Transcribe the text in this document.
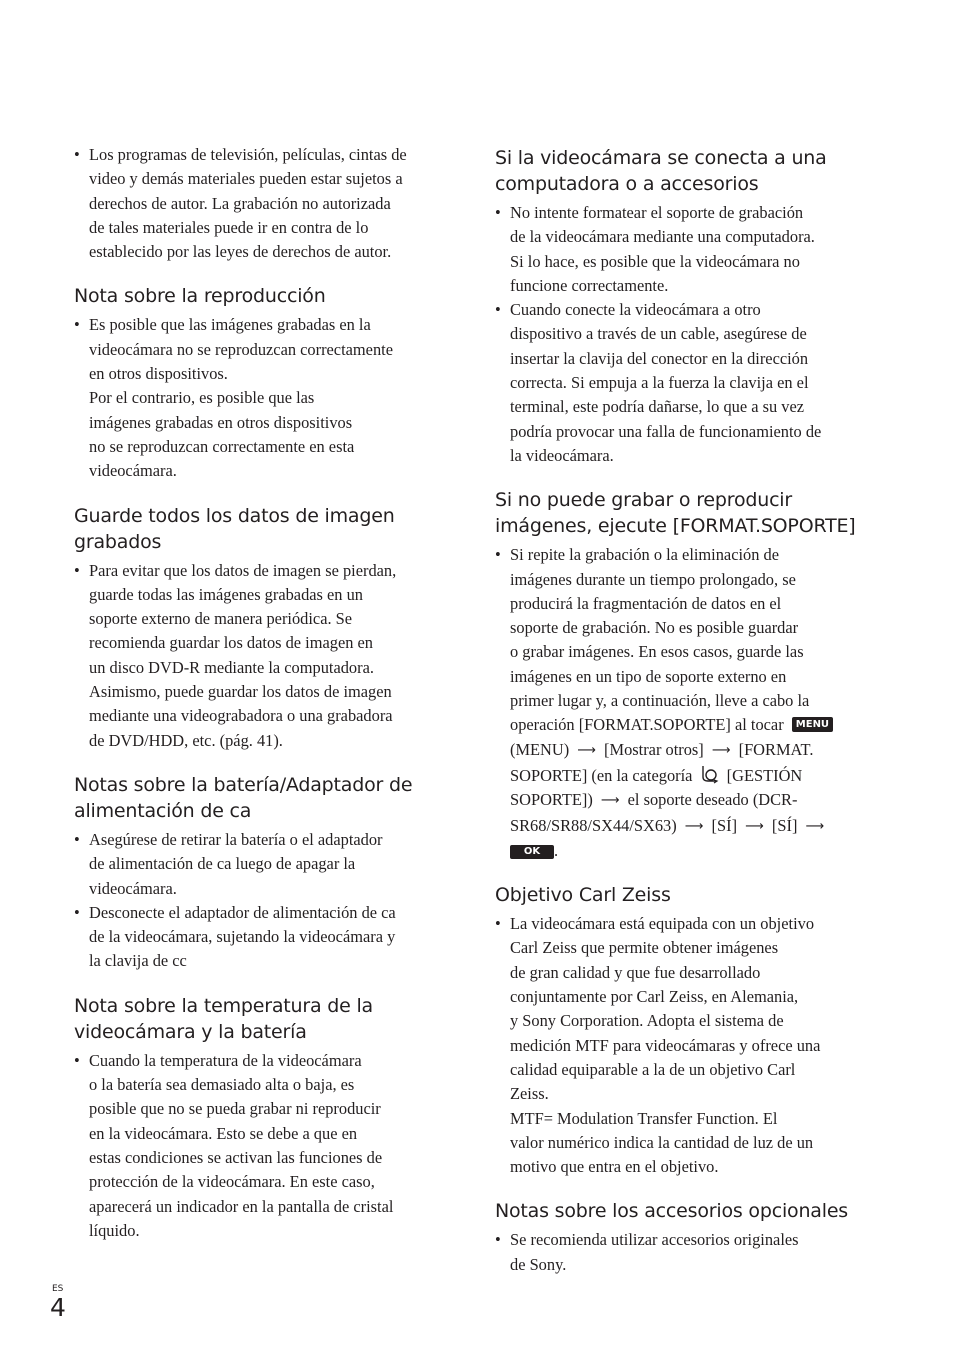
• Los programas de televisión, películas, cintas de
video y demás materiales pueden estar sujetos a
derechos de autor. La grabación no autorizada
de tales materiales puede ir en contra de lo
establecido por las leyes de derechos de autor.
Nota sobre la reproducción
• Es posible que las imágenes grabadas en la
videocámara no se reproduzcan correctamente
en otros dispositivos.
Por el contrario, es posible que las
imágenes grabadas en otros dispositivos
no se reproduzcan correctamente en esta
videocámara.
Guarde todos los datos de imagen
grabados
• Para evitar que los datos de imagen se pierdan,
guarde todas las imágenes grabadas en un
soporte externo de manera periódica. Se
recomienda guardar los datos de imagen en
un disco DVD-R mediante la computadora.
Asimismo, puede guardar los datos de imagen
mediante una videograbadora o una grabadora
de DVD/HDD, etc. (pág. 41).
Notas sobre la batería/Adaptador de
alimentación de ca
• Asegúrese de retirar la batería o el adaptador
de alimentación de ca luego de apagar la
videocámara.
• Desconecte el adaptador de alimentación de ca
de la videocámara, sujetando la videocámara y
la clavija de cc
Nota sobre la temperatura de la
videocámara y la batería
• Cuando la temperatura de la videocámara
o la batería sea demasiado alta o baja, es
posible que no se pueda grabar ni reproducir
en la videocámara. Esto se debe a que en
estas condiciones se activan las funciones de
protección de la videocámara. En este caso,
aparecerá un indicador en la pantalla de cristal
líquido.
Si la videocámara se conecta a una
computadora o a accesorios
• No intente formatear el soporte de grabación
de la videocámara mediante una computadora.
Si lo hace, es posible que la videocámara no
funcione correctamente.
• Cuando conecte la videocámara a otro
dispositivo a través de un cable, asegúrese de
insertar la clavija del conector en la dirección
correcta. Si empuja a la fuerza la clavija en el
terminal, este podría dañarse, lo que a su vez
podría provocar una falla de funcionamiento de
la videocámara.
Si no puede grabar o reproducir
imágenes, ejecute [FORMAT.SOPORTE]
• Si repite la grabación o la eliminación de
imágenes durante un tiempo prolongado, se
producirá la fragmentación de datos en el
soporte de grabación. No es posible guardar
o grabar imágenes. En esos casos, guarde las
imágenes en un tipo de soporte externo en
primer lugar y, a continuación, lleve a cabo la
operación [FORMAT.SOPORTE] al tocar MENU
(MENU) ⟶ [Mostrar otros] ⟶ [FORMAT.
SOPORTE] (en la categoría [GESTIÓN
SOPORTE]) ⟶ el soporte deseado (DCR-
SR68/SR88/SX44/SX63) ⟶ [SÍ] ⟶ [SÍ] ⟶
OK .
Objetivo Carl Zeiss
• La videocámara está equipada con un objetivo
Carl Zeiss que permite obtener imágenes
de gran calidad y que fue desarrollado
conjuntamente por Carl Zeiss, en Alemania,
y Sony Corporation. Adopta el sistema de
medición MTF para videocámaras y ofrece una
calidad equiparable a la de un objetivo Carl
Zeiss.
MTF= Modulation Transfer Function. El
valor numérico indica la cantidad de luz de un
motivo que entra en el objetivo.
Notas sobre los accesorios opcionales
• Se recomienda utilizar accesorios originales
de Sony.
ES
4
